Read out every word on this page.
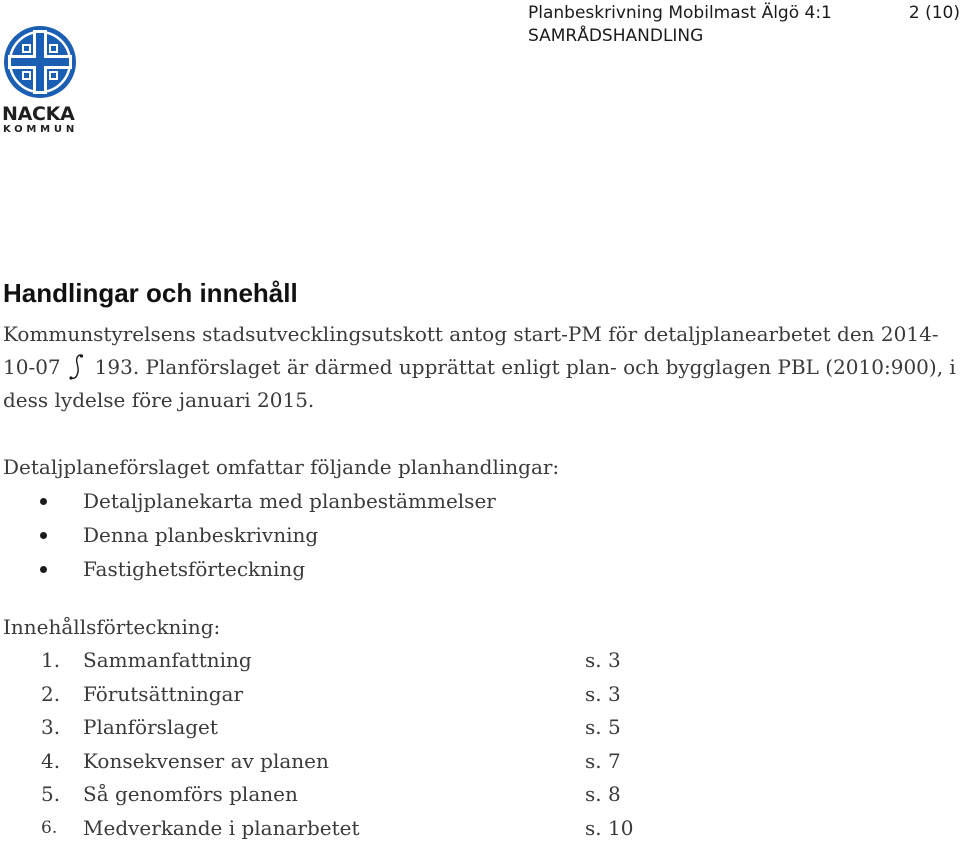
NACKA
KOMMUN
Planbeskrivning Mobilmast Älgö 4:1
SAMRÅDSHANDLING
2 (10)
Handlingar och innehåll

Kommunstyrelsens stadsutvecklingsutskott antog start-PM för detaljplanearbetet den 2014-10-07 193. Planförslaget är därmed upprättat enligt plan- och bygglagen PBL (2010:900), i dess lydelse före januari 2015.

Detaljplaneförslaget omfattar följande planhandlingar:

Detaljplanekarta med planbestämmelser
Denna planbeskrivning
Fastighetsförteckning

Innehållsförteckning:

1. Sammanfattning	s. 3
2. Förutsättningar	s. 3
3. Planförslaget	s. 5
4. Konsekvenser av planen	s. 7
5. Så genomförs planen	s. 8
6. Medverkande i planarbetet	s. 10
